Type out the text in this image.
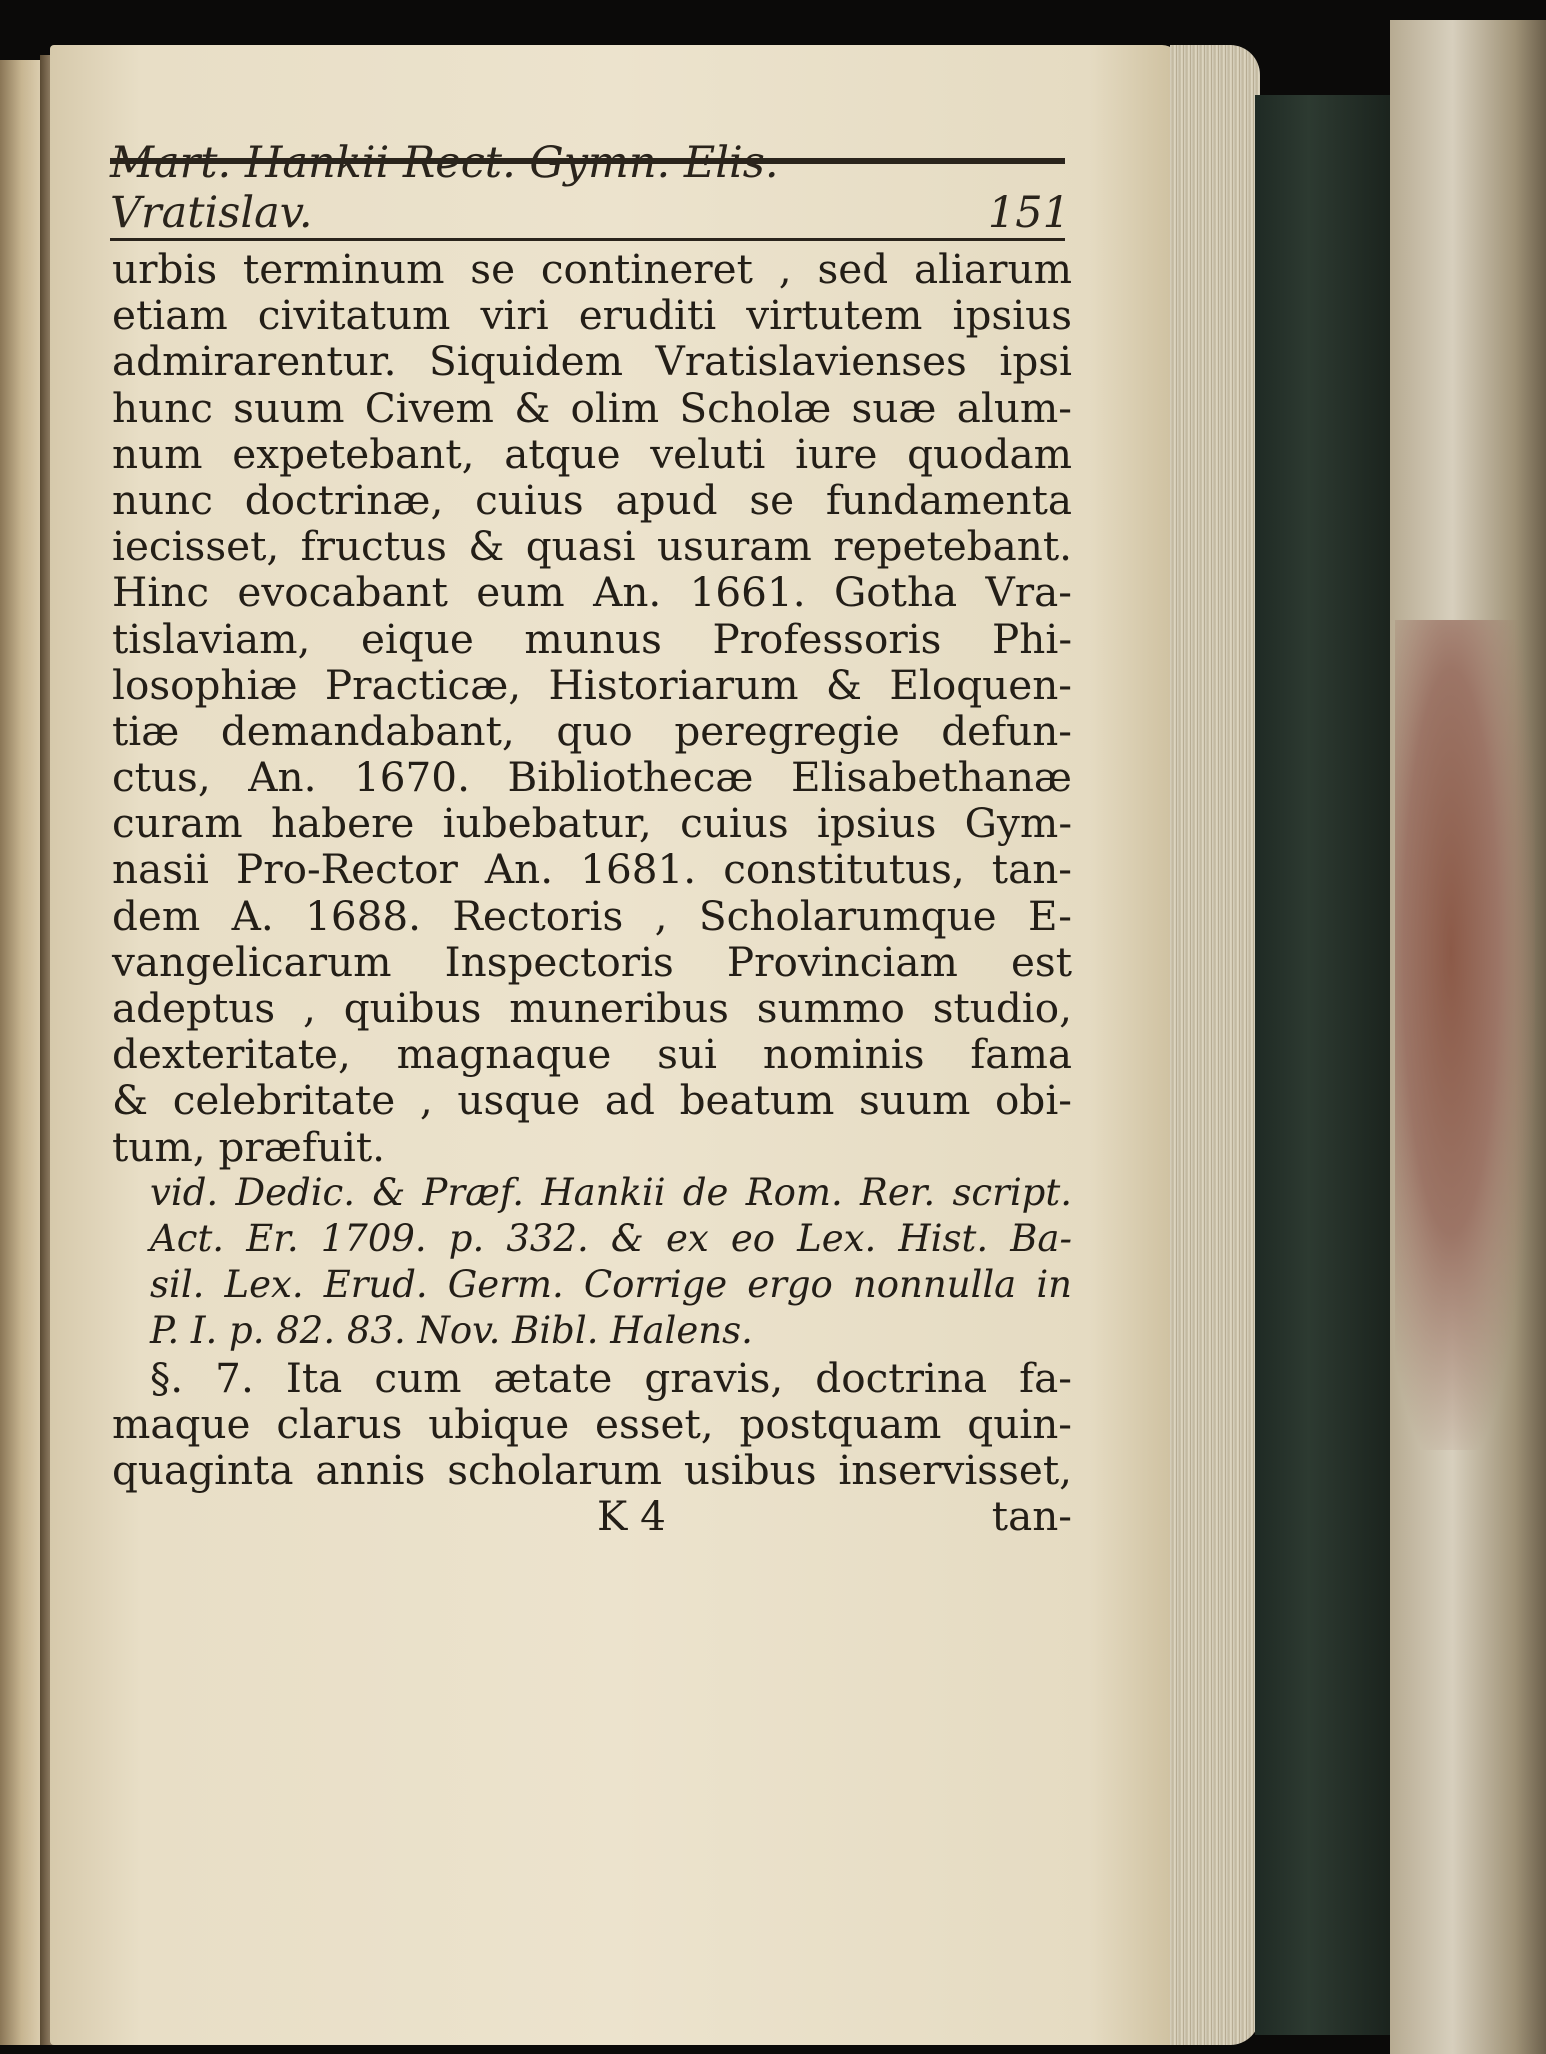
Mart. Hankii Rect. Gymn. Elis. Vratislav.	151
urbis terminum se contineret , sed aliarum
etiam civitatum viri eruditi virtutem ipsius
admirarentur. Siquidem Vratislavienses ipsi
hunc suum Civem & olim Scholæ suæ alum-
num expetebant, atque veluti iure quodam
nunc doctrinæ, cuius apud se fundamenta
iecisset, fructus & quasi usuram repetebant.
Hinc evocabant eum An. 1661. Gotha Vra-
tislaviam, eique munus Professoris Phi-
losophiæ Practicæ, Historiarum & Eloquen-
tiæ demandabant, quo peregregie defun-
ctus, An. 1670. Bibliothecæ Elisabethanæ
curam habere iubebatur, cuius ipsius Gym-
nasii Pro-Rector An. 1681. constitutus, tan-
dem A. 1688. Rectoris , Scholarumque E-
vangelicarum Inspectoris Provinciam est
adeptus , quibus muneribus summo studio,
dexteritate, magnaque sui nominis fama
& celebritate , usque ad beatum suum obi-
tum, præfuit.
vid. Dedic. & Præf. Hankii de Rom. Rer. script.
Act. Er. 1709. p. 332. & ex eo Lex. Hist. Ba-
sil. Lex. Erud. Germ. Corrige ergo nonnulla in
P. I. p. 82. 83. Nov. Bibl. Halens.
§. 7. Ita cum ætate gravis, doctrina fa-
maque clarus ubique esset, postquam quin-
quaginta annis scholarum usibus inservisset,
K 4	tan-
